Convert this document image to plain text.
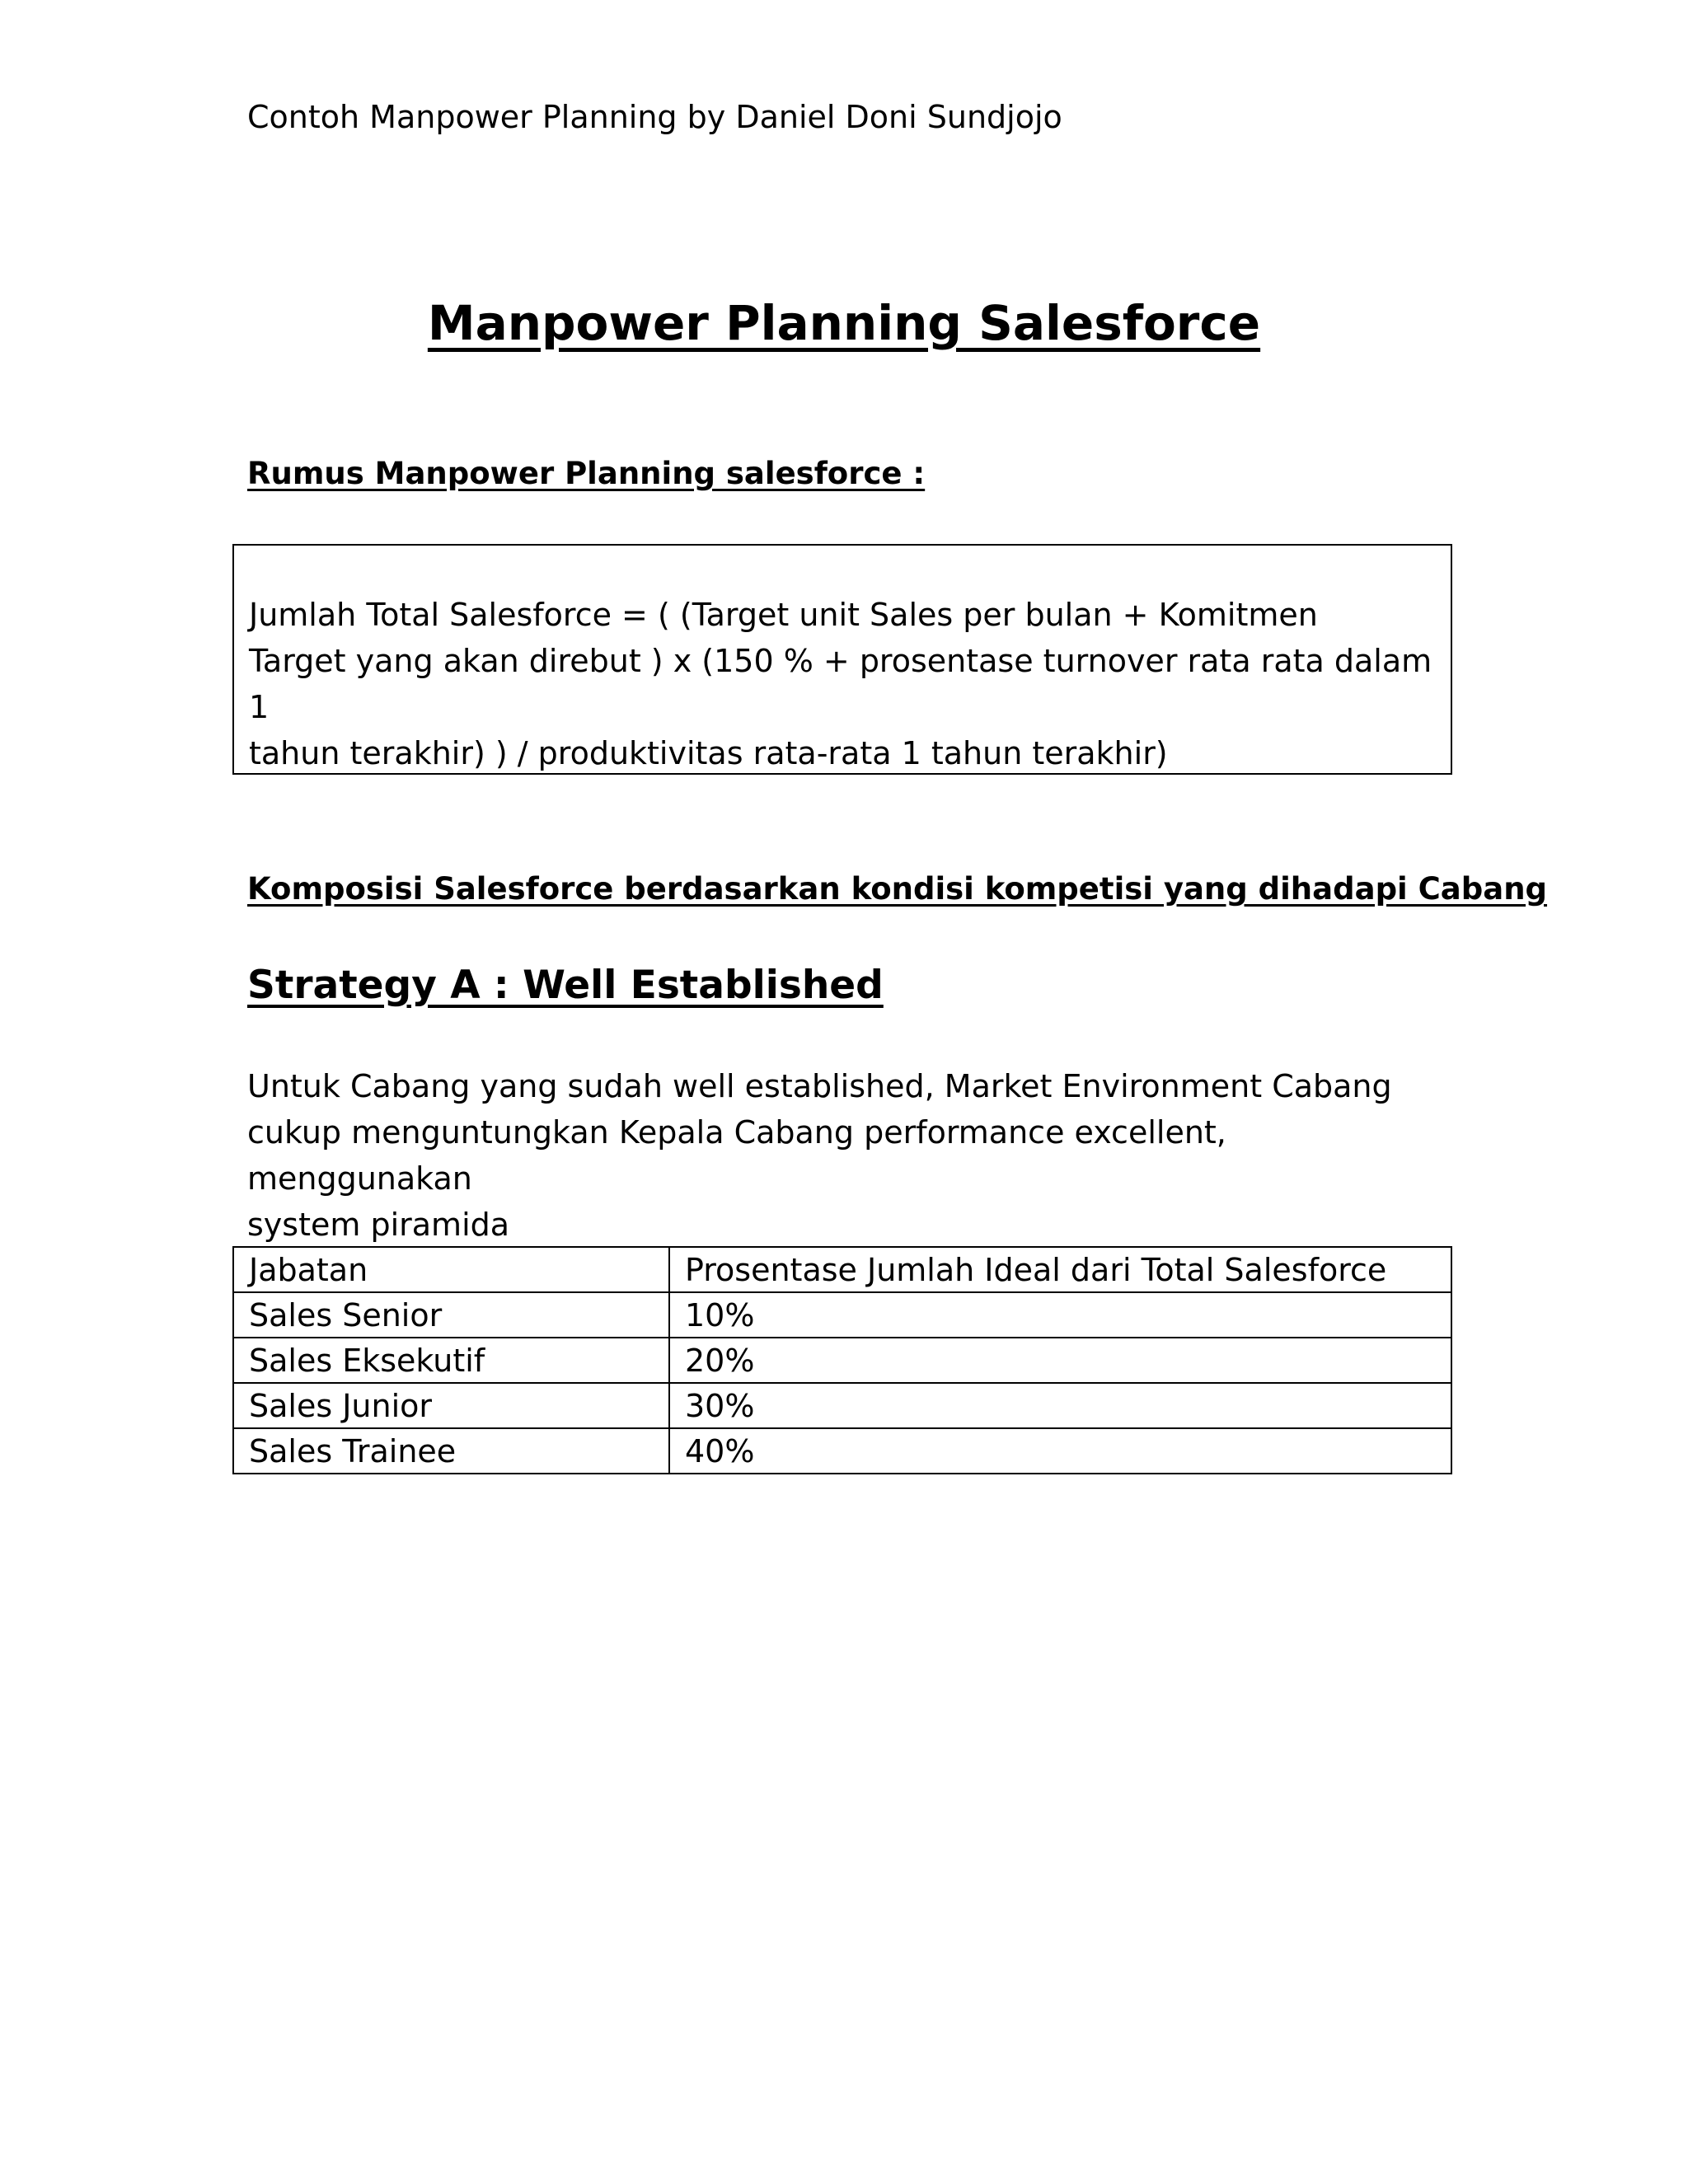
Contoh Manpower Planning by Daniel Doni Sundjojo
Manpower Planning Salesforce
Rumus Manpower Planning salesforce :
Jumlah Total Salesforce = ( (Target unit Sales per bulan + Komitmen
Target yang akan direbut ) x (150 % + prosentase turnover rata rata dalam 1
tahun terakhir) ) / produktivitas rata-rata 1 tahun terakhir)
Komposisi Salesforce berdasarkan kondisi kompetisi yang dihadapi Cabang
Strategy A : Well Established
Untuk Cabang yang sudah well established, Market Environment Cabang
cukup menguntungkan Kepala Cabang performance excellent, menggunakan
system piramida
Jabatan	Prosentase Jumlah Ideal dari Total Salesforce
Sales Senior	10%
Sales Eksekutif	20%
Sales Junior	30%
Sales Trainee	40%
